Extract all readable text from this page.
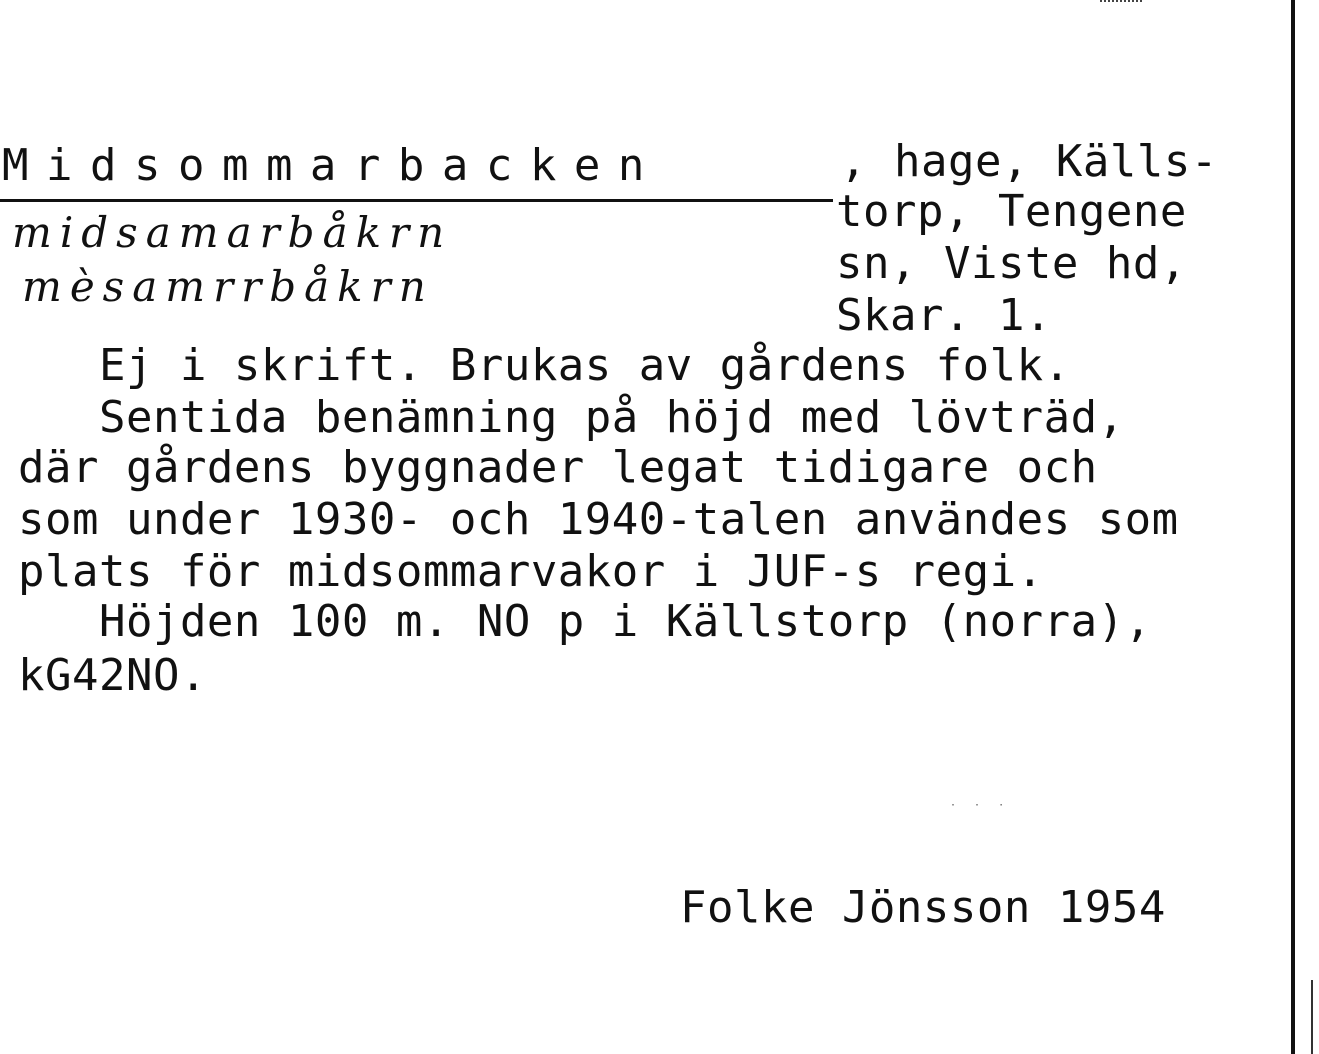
Midsommarbacken	, hage, Källs-
torp, Tengene
sn, Viste hd,
Skar. 1.
midsamarbåkrn
mèsamrrbåkrn
Ej i skrift. Brukas av gårdens folk.
Sentida benämning på höjd med lövträd,
där gårdens byggnader legat tidigare och
som under 1930- och 1940-talen användes som
plats för midsommarvakor i JUF-s regi.
Höjden 100 m. NO p i Källstorp (norra),
kG42NO.
· · ·
Folke Jönsson 1954
